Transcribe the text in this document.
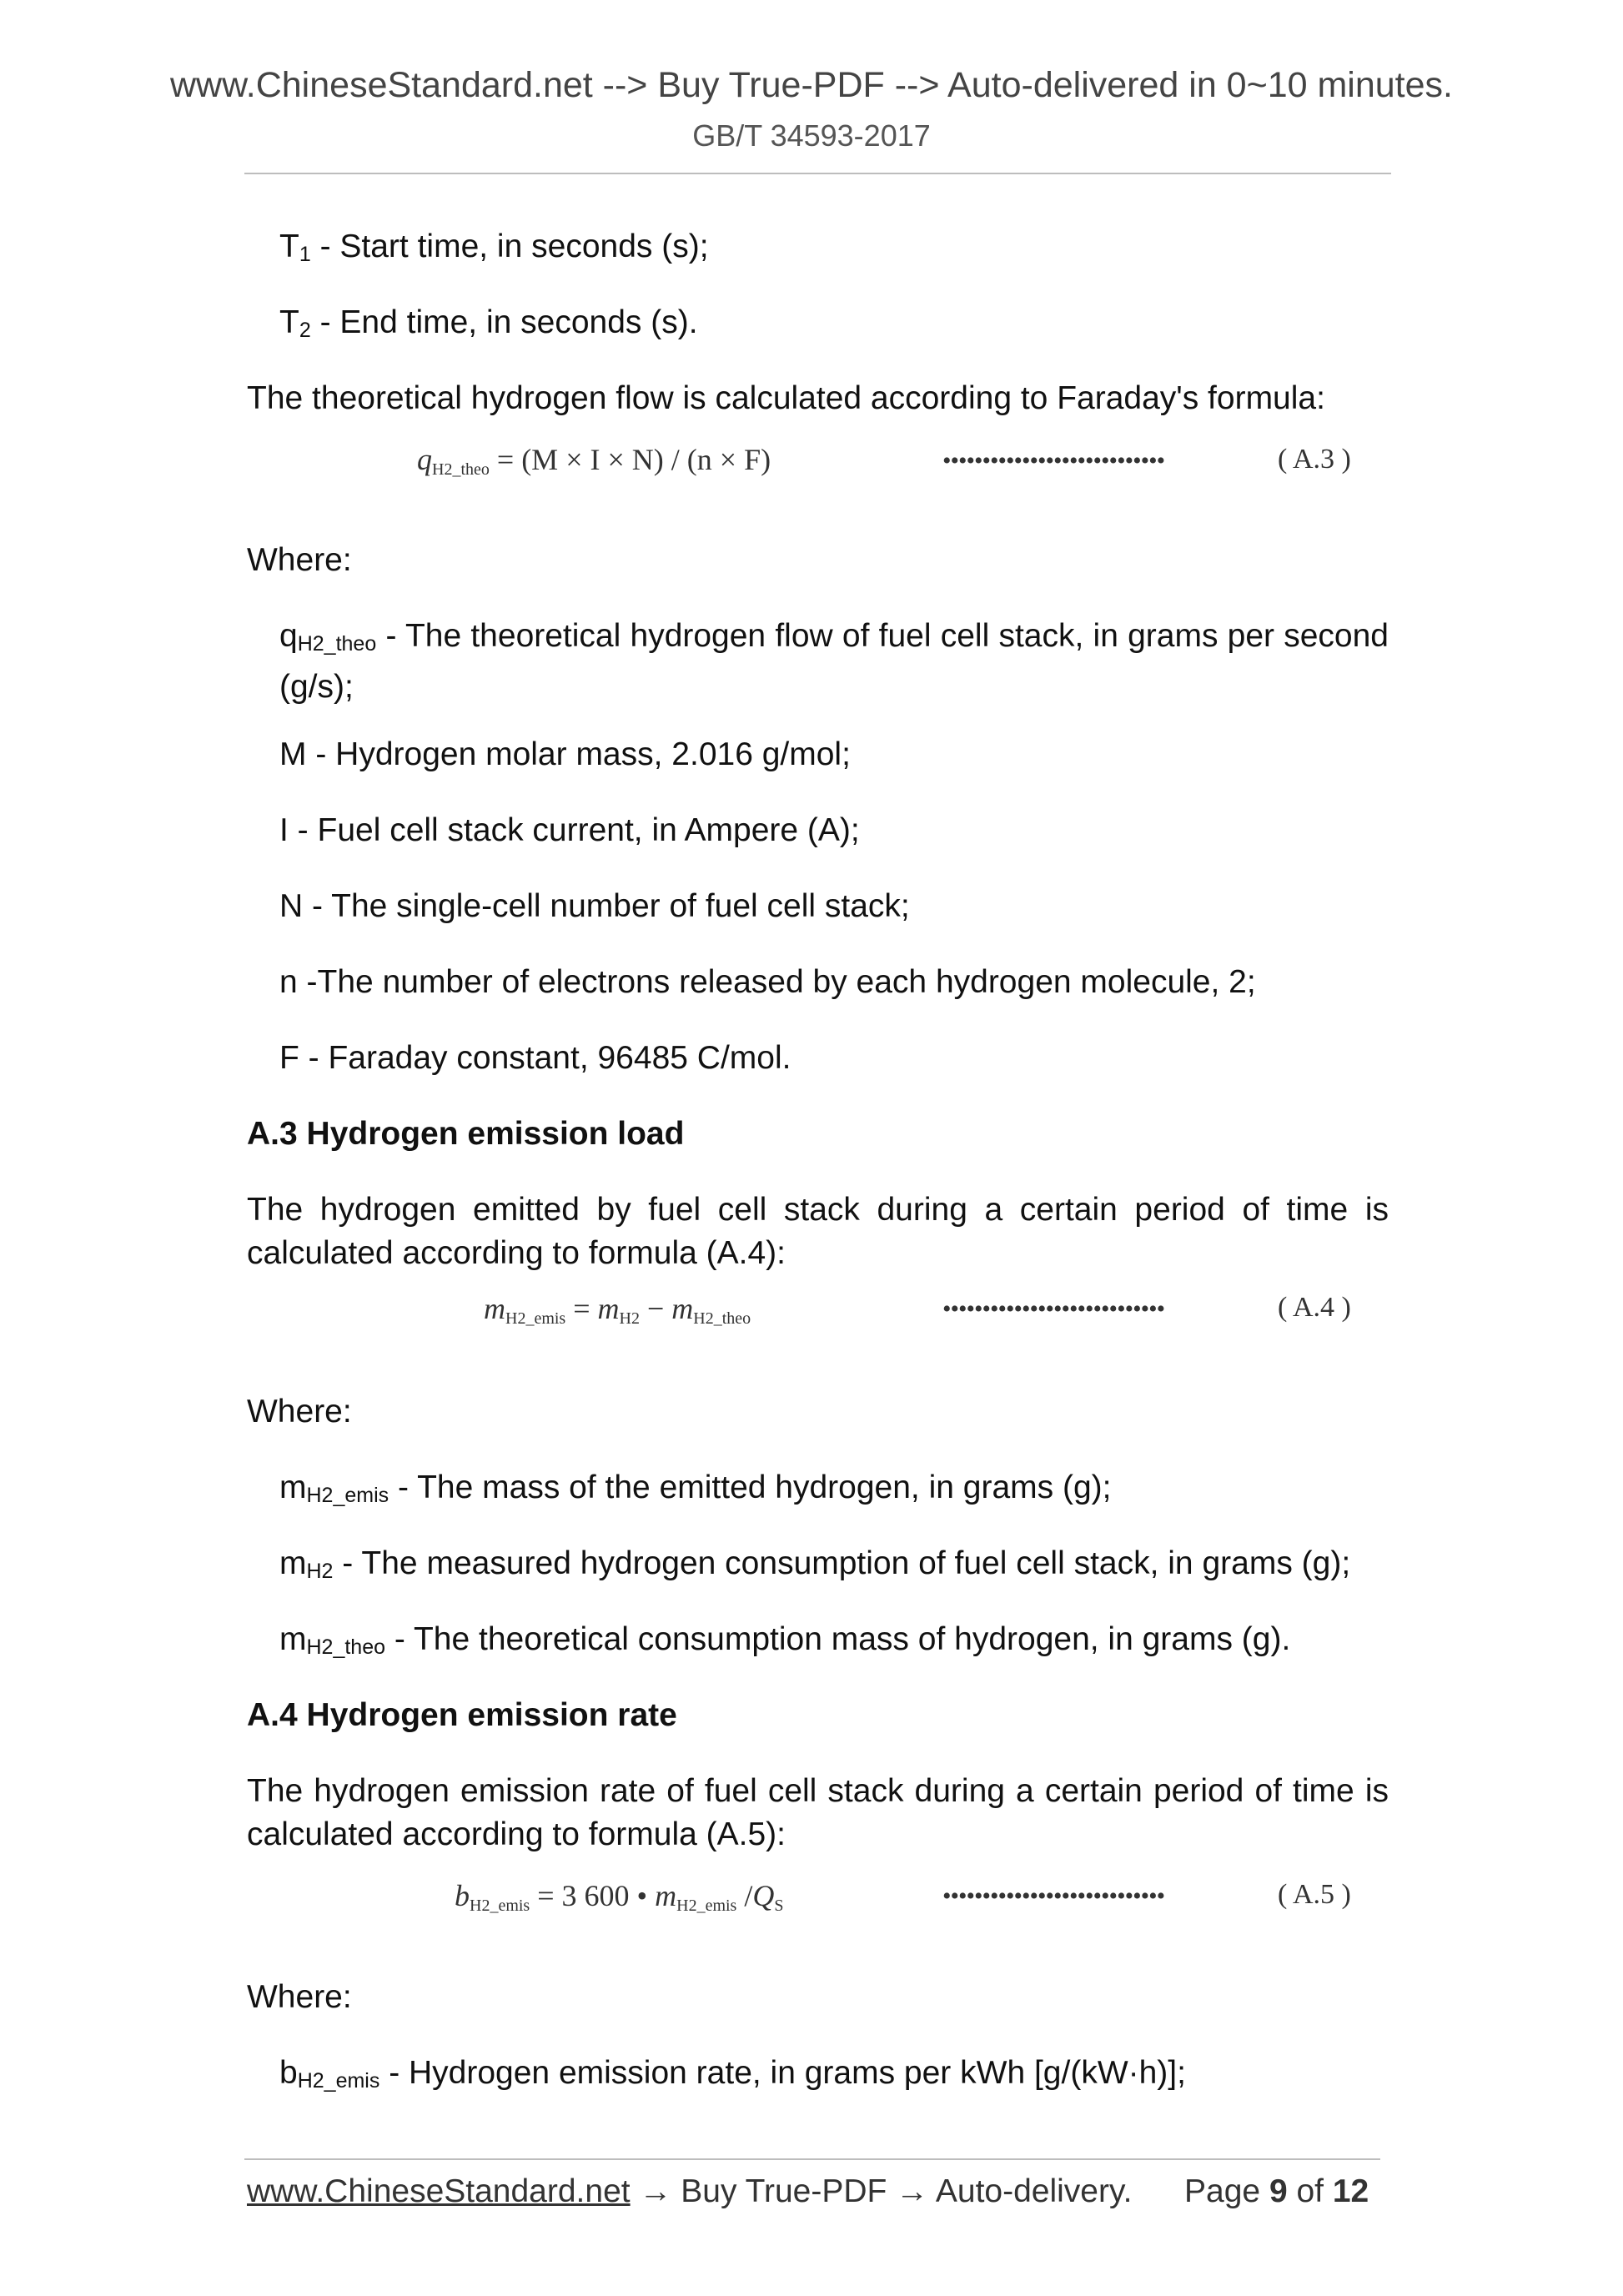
www.ChineseStandard.net --> Buy True-PDF --> Auto-delivered in 0~10 minutes.
GB/T 34593-2017
$T_1$ - Start time, in seconds (s);
$T_2$ - End time, in seconds (s).
The theoretical hydrogen flow is calculated according to Faraday's formula:
qH2_theo = (M × I × N) / (n × F)	••••••••••••••••••••••••••••	( A.3 )
Where:
$q_{H2\_theo}$ - The theoretical hydrogen flow of fuel cell stack, in grams per second (g/s);
M - Hydrogen molar mass, 2.016 g/mol;
I - Fuel cell stack current, in Ampere (A);
N - The single-cell number of fuel cell stack;
n -The number of electrons released by each hydrogen molecule, 2;
F - Faraday constant, 96485 C/mol.
A.3 Hydrogen emission load
The hydrogen emitted by fuel cell stack during a certain period of time is calculated according to formula (A.4):
mH2_emis = mH2 − mH2_theo	••••••••••••••••••••••••••••	( A.4 )
Where:
$m_{H2\_emis}$ - The mass of the emitted hydrogen, in grams (g);
$m_{H2}$ - The measured hydrogen consumption of fuel cell stack, in grams (g);
$m_{H2\_theo}$ - The theoretical consumption mass of hydrogen, in grams (g).
A.4 Hydrogen emission rate
The hydrogen emission rate of fuel cell stack during a certain period of time is calculated according to formula (A.5):
bH2_emis = 3 600 • mH2_emis /QS	••••••••••••••••••••••••••••	( A.5 )
Where:
$b_{H2\_emis}$ - Hydrogen emission rate, in grams per kWh [g/(kW·h)];
www.ChineseStandard.net → Buy True-PDF → Auto-delivery. Page 9 of 12
